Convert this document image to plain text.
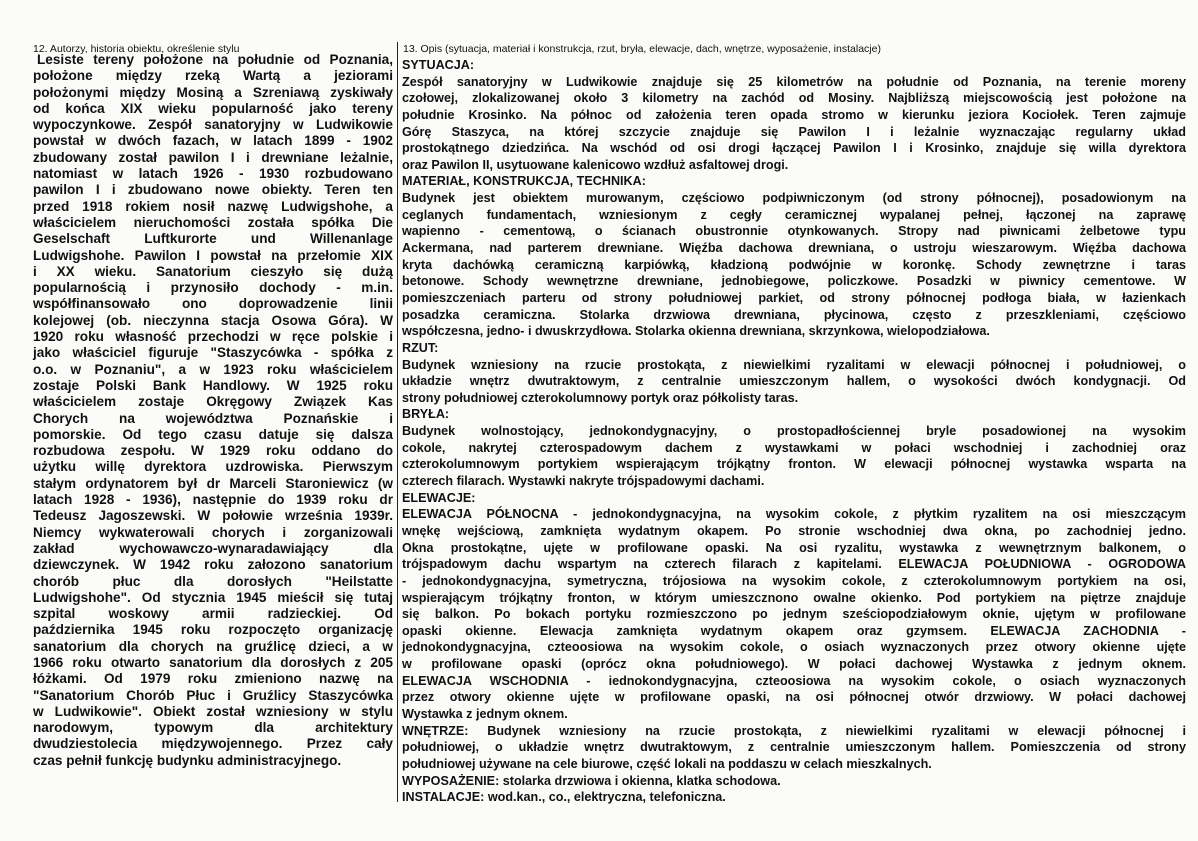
12. Autorzy, historia obiektu, określenie stylu	13. Opis (sytuacja, materiał i konstrukcja, rzut, bryła, elewacje, dach, wnętrze, wyposażenie, instalacje)
Lesiste tereny położone na południe od Poznania,
położone między rzeką Wartą a jeziorami
położonymi między Mosiną a Szreniawą zyskiwały
od końca XIX wieku popularność jako tereny
wypoczynkowe. Zespół sanatoryjny w Ludwikowie
powstał w dwóch fazach, w latach 1899 - 1902
zbudowany został pawilon I i drewniane leżalnie,
natomiast w latach 1926 - 1930 rozbudowano
pawilon I i zbudowano nowe obiekty. Teren ten
przed 1918 rokiem nosił nazwę Ludwigshohe, a
właścicielem nieruchomości została spółka Die
Geselschaft Luftkurorte und Willenanlage
Ludwigshohe. Pawilon I powstał na przełomie XIX
i XX wieku. Sanatorium cieszyło się dużą
popularnością i przynosiło dochody - m.in.
współfinansowało ono doprowadzenie linii
kolejowej (ob. nieczynna stacja Osowa Góra). W
1920 roku własność przechodzi w ręce polskie i
jako właściciel figuruje "Staszycówka - spółka z
o.o. w Poznaniu", a w 1923 roku właścicielem
zostaje Polski Bank Handlowy. W 1925 roku
właścicielem zostaje Okręgowy Związek Kas
Chorych na województwa Poznańskie i
pomorskie. Od tego czasu datuje się dalsza
rozbudowa zespołu. W 1929 roku oddano do
użytku willę dyrektora uzdrowiska. Pierwszym
stałym ordynatorem był dr Marceli Staroniewicz (w
latach 1928 - 1936), następnie do 1939 roku dr
Tedeusz Jagoszewski. W połowie września 1939r.
Niemcy wykwaterowali chorych i zorganizowali
zakład wychowawczo-wynaradawiający dla
dziewczynek. W 1942 roku załozono sanatorium
chorób płuc dla dorosłych "Heilstatte
Ludwigshohe". Od stycznia 1945 mieścił się tutaj
szpital woskowy armii radzieckiej. Od
października 1945 roku rozpoczęto organizację
sanatorium dla chorych na gruźlicę dzieci, a w
1966 roku otwarto sanatorium dla dorosłych z 205
łóżkami. Od 1979 roku zmieniono nazwę na
"Sanatorium Chorób Płuc i Gruźlicy Staszycówka
w Ludwikowie". Obiekt został wzniesiony w stylu
narodowym, typowym dla architektury
dwudziestolecia międzywojennego. Przez cały
czas pełnił funkcję budynku administracyjnego.
SYTUACJA:
Zespół sanatoryjny w Ludwikowie znajduje się 25 kilometrów na południe od Poznania, na terenie moreny
czołowej, zlokalizowanej około 3 kilometry na zachód od Mosiny. Najbliższą miejscowością jest położone na
południe Krosinko. Na północ od założenia teren opada stromo w kierunku jeziora Kociołek. Teren zajmuje
Górę Staszyca, na której szczycie znajduje się Pawilon I i leżalnie wyznaczając regularny układ
prostokątnego dziedzińca. Na wschód od osi drogi łączącej Pawilon I i Krosinko, znajduje się willa dyrektora
oraz Pawilon II, usytuowane kalenicowo wzdłuż asfaltowej drogi.
MATERIAŁ, KONSTRUKCJA, TECHNIKA:
Budynek jest obiektem murowanym, częściowo podpiwniczonym (od strony północnej), posadowionym na
ceglanych fundamentach, wzniesionym z cegły ceramicznej wypalanej pełnej, łączonej na zaprawę
wapienno - cementową, o ścianach obustronnie otynkowanych. Stropy nad piwnicami żelbetowe typu
Ackermana, nad parterem drewniane. Więźba dachowa drewniana, o ustroju wieszarowym. Więźba dachowa
kryta dachówką ceramiczną karpiówką, kładzioną podwójnie w koronkę. Schody zewnętrzne i taras
betonowe. Schody wewnętrzne drewniane, jednobiegowe, policzkowe. Posadzki w piwnicy cementowe. W
pomieszczeniach parteru od strony południowej parkiet, od strony północnej podłoga biała, w łazienkach
posadzka ceramiczna. Stolarka drzwiowa drewniana, płycinowa, często z przeszkleniami, częściowo
współczesna, jedno- i dwuskrzydłowa. Stolarka okienna drewniana, skrzynkowa, wielopodziałowa.
RZUT:
Budynek wzniesiony na rzucie prostokąta, z niewielkimi ryzalitami w elewacji północnej i południowej, o
układzie wnętrz dwutraktowym, z centralnie umieszczonym hallem, o wysokości dwóch kondygnacji. Od
strony południowej czterokolumnowy portyk oraz półkolisty taras.
BRYŁA:
Budynek wolnostojący, jednokondygnacyjny, o prostopadłościennej bryle posadowionej na wysokim
cokole, nakrytej czterospadowym dachem z wystawkami w połaci wschodniej i zachodniej oraz
czterokolumnowym portykiem wspierającym trójkątny fronton. W elewacji północnej wystawka wsparta na
czterech filarach. Wystawki nakryte trójspadowymi dachami.
ELEWACJE:
ELEWACJA PÓŁNOCNA - jednokondygnacyjna, na wysokim cokole, z płytkim ryzalitem na osi mieszczącym
wnękę wejściową, zamknięta wydatnym okapem. Po stronie wschodniej dwa okna, po zachodniej jedno.
Okna prostokątne, ujęte w profilowane opaski. Na osi ryzalitu, wystawka z wewnętrznym balkonem, o
trójspadowym dachu wspartym na czterech filarach z kapitelami. ELEWACJA POŁUDNIOWA - OGRODOWA
- jednokondygnacyjna, symetryczna, trójosiowa na wysokim cokole, z czterokolumnowym portykiem na osi,
wspierającym trójkątny fronton, w którym umieszcznono owalne okienko. Pod portykiem na piętrze znajduje
się balkon. Po bokach portyku rozmieszczono po jednym sześciopodziałowym oknie, ujętym w profilowane
opaski okienne. Elewacja zamknięta wydatnym okapem oraz gzymsem. ELEWACJA ZACHODNIA -
jednokondygnacyjna, czteoosiowa na wysokim cokole, o osiach wyznaczonych przez otwory okienne ujęte
w profilowane opaski (oprócz okna południowego). W połaci dachowej Wystawka z jednym oknem.
ELEWACJA WSCHODNIA - iednokondygnacyjna, czteoosiowa na wysokim cokole, o osiach wyznaczonych
przez otwory okienne ujęte w profilowane opaski, na osi północnej otwór drzwiowy. W połaci dachowej
Wystawka z jednym oknem.
WNĘTRZE: Budynek wzniesiony na rzucie prostokąta, z niewielkimi ryzalitami w elewacji północnej i
południowej, o układzie wnętrz dwutraktowym, z centralnie umieszczonym hallem. Pomieszczenia od strony
południowej używane na cele biurowe, część lokali na poddaszu w celach mieszkalnych.
WYPOSAŻENIE: stolarka drzwiowa i okienna, klatka schodowa.
INSTALACJE: wod.kan., co., elektryczna, telefoniczna.
